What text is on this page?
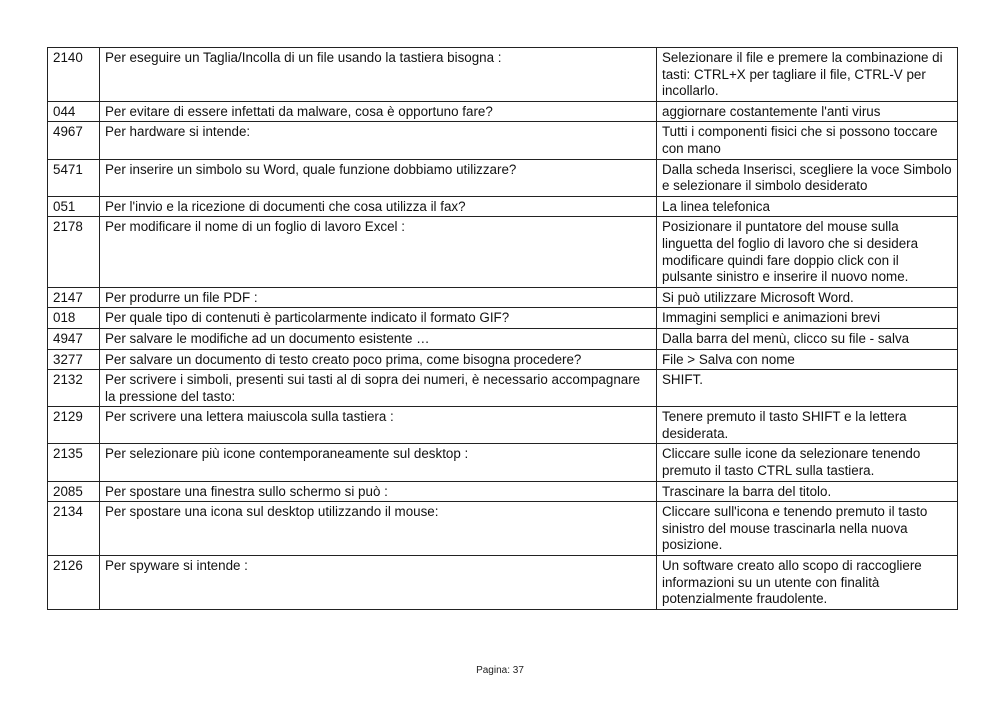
2140	Per eseguire un Taglia/Incolla di un file usando la tastiera bisogna :	Selezionare il file e premere la combinazione di tasti: CTRL+X per tagliare il file, CTRL-V per incollarlo.
044	Per evitare di essere infettati da malware, cosa è opportuno fare?	aggiornare costantemente l'anti virus
4967	Per hardware si intende:	Tutti i componenti fisici che si possono toccare con mano
5471	Per inserire un simbolo su Word, quale funzione dobbiamo utilizzare?	Dalla scheda Inserisci, scegliere la voce Simbolo e selezionare il simbolo desiderato
051	Per l'invio e la ricezione di documenti che cosa utilizza il fax?	La linea telefonica
2178	Per modificare il nome di un foglio di lavoro Excel :	Posizionare il puntatore del mouse sulla linguetta del foglio di lavoro che si desidera modificare quindi fare doppio click con il pulsante sinistro e inserire il nuovo nome.
2147	Per produrre un file PDF :	Si può utilizzare Microsoft Word.
018	Per quale tipo di contenuti è particolarmente indicato il formato GIF?	Immagini semplici e animazioni brevi
4947	Per salvare le modifiche ad un documento esistente …	Dalla barra del menù, clicco su file - salva
3277	Per salvare un documento di testo creato poco prima, come bisogna procedere?	File > Salva con nome
2132	Per scrivere i simboli, presenti sui tasti al di sopra dei numeri, è necessario accompagnare la pressione del tasto:	SHIFT.
2129	Per scrivere una lettera maiuscola sulla tastiera :	Tenere premuto il tasto SHIFT e la lettera desiderata.
2135	Per selezionare più icone contemporaneamente sul desktop :	Cliccare sulle icone da selezionare tenendo premuto il tasto CTRL sulla tastiera.
2085	Per spostare una finestra sullo schermo si può :	Trascinare la barra del titolo.
2134	Per spostare una icona sul desktop utilizzando il mouse:	Cliccare sull'icona e tenendo premuto il tasto sinistro del mouse trascinarla nella nuova posizione.
2126	Per spyware si intende :	Un software creato allo scopo di raccogliere informazioni su un utente con finalità potenzialmente fraudolente.
Pagina: 37
